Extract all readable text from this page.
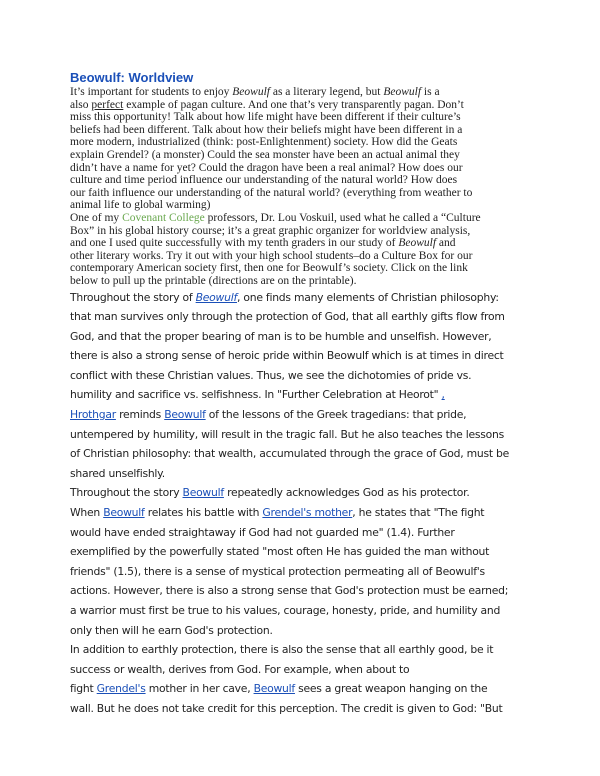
Beowulf: Worldview

It’s important for students to enjoy Beowulf as a literary legend, but Beowulf is a
also perfect example of pagan culture. And one that’s very transparently pagan. Don’t
miss this opportunity! Talk about how life might have been different if their culture’s
beliefs had been different. Talk about how their beliefs might have been different in a
more modern, industrialized (think: post-Enlightenment) society. How did the Geats
explain Grendel? (a monster) Could the sea monster have been an actual animal they
didn’t have a name for yet? Could the dragon have been a real animal? How does our
culture and time period influence our understanding of the natural world? How does
our faith influence our understanding of the natural world? (everything from weather to
animal life to global warming)

One of my Covenant College professors, Dr. Lou Voskuil, used what he called a “Culture
Box” in his global history course; it’s a great graphic organizer for worldview analysis,
and one I used quite successfully with my tenth graders in our study of Beowulf and
other literary works. Try it out with your high school students–do a Culture Box for our
contemporary American society first, then one for Beowulf’s society. Click on the link
below to pull up the printable (directions are on the printable).

Throughout the story of Beowulf, one finds many elements of Christian philosophy:
that man survives only through the protection of God, that all earthly gifts flow from
God, and that the proper bearing of man is to be humble and unselfish. However,
there is also a strong sense of heroic pride within Beowulf which is at times in direct
conflict with these Christian values. Thus, we see the dichotomies of pride vs.
humility and sacrifice vs. selfishness. In "Further Celebration at Heorot" ,
Hrothgar reminds Beowulf of the lessons of the Greek tragedians: that pride,
untempered by humility, will result in the tragic fall. But he also teaches the lessons
of Christian philosophy: that wealth, accumulated through the grace of God, must be
shared unselfishly.

Throughout the story Beowulf repeatedly acknowledges God as his protector.
When Beowulf relates his battle with Grendel's mother, he states that "The fight
would have ended straightaway if God had not guarded me" (1.4). Further
exemplified by the powerfully stated "most often He has guided the man without
friends" (1.5), there is a sense of mystical protection permeating all of Beowulf's
actions. However, there is also a strong sense that God's protection must be earned;
a warrior must first be true to his values, courage, honesty, pride, and humility and
only then will he earn God's protection.

In addition to earthly protection, there is also the sense that all earthly good, be it
success or wealth, derives from God. For example, when about to
fight Grendel's mother in her cave, Beowulf sees a great weapon hanging on the
wall. But he does not take credit for this perception. The credit is given to God: "But
